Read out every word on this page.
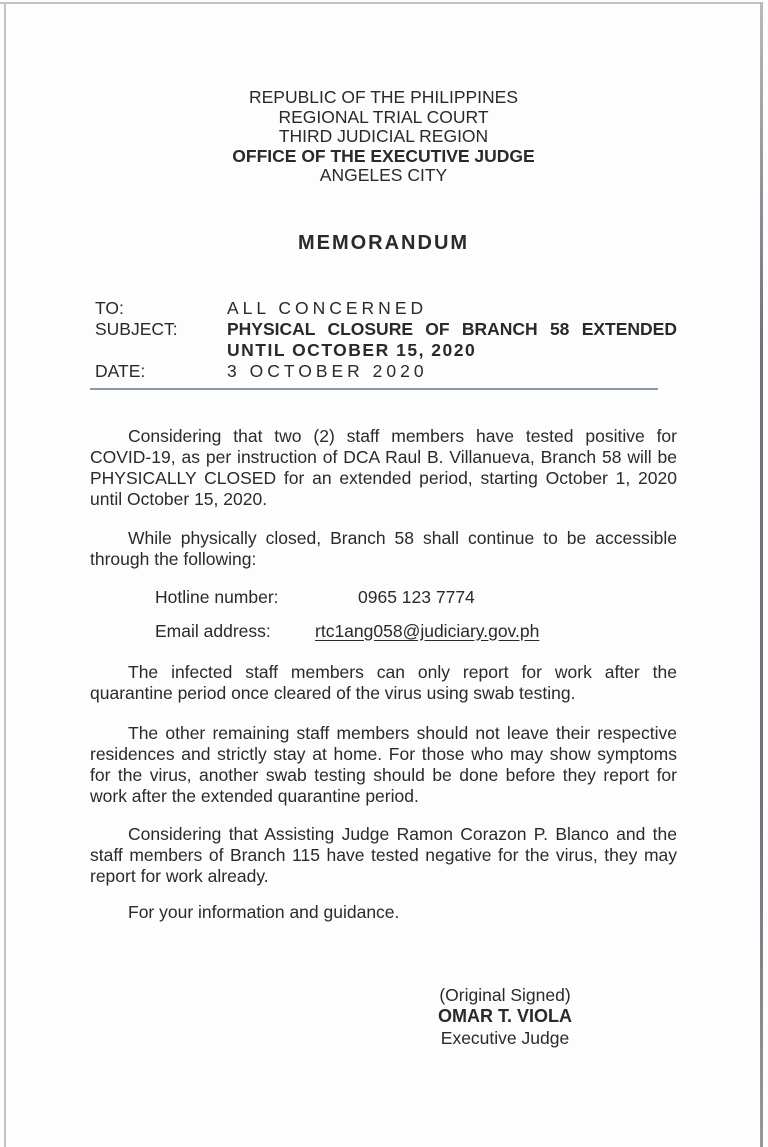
REPUBLIC OF THE PHILIPPINES
REGIONAL TRIAL COURT
THIRD JUDICIAL REGION
OFFICE OF THE EXECUTIVE JUDGE
ANGELES CITY
MEMORANDUM
TO:	ALL CONCERNED
SUBJECT:	PHYSICAL CLOSURE OF BRANCH 58 EXTENDED
UNTIL OCTOBER 15, 2020
DATE:	3 OCTOBER 2020

Considering that two (2) staff members have tested positive for COVID-19, as per instruction of DCA Raul B. Villanueva, Branch 58 will be PHYSICALLY CLOSED for an extended period, starting October 1, 2020 until October 15, 2020.

While physically closed, Branch 58 shall continue to be accessible through the following:

Hotline number:	0965 123 7774
Email address:	rtc1ang058@judiciary.gov.ph

The infected staff members can only report for work after the quarantine period once cleared of the virus using swab testing.

The other remaining staff members should not leave their respective residences and strictly stay at home. For those who may show symptoms for the virus, another swab testing should be done before they report for work after the extended quarantine period.

Considering that Assisting Judge Ramon Corazon P. Blanco and the staff members of Branch 115 have tested negative for the virus, they may report for work already.

For your information and guidance.

(Original Signed)
OMAR T. VIOLA
Executive Judge
